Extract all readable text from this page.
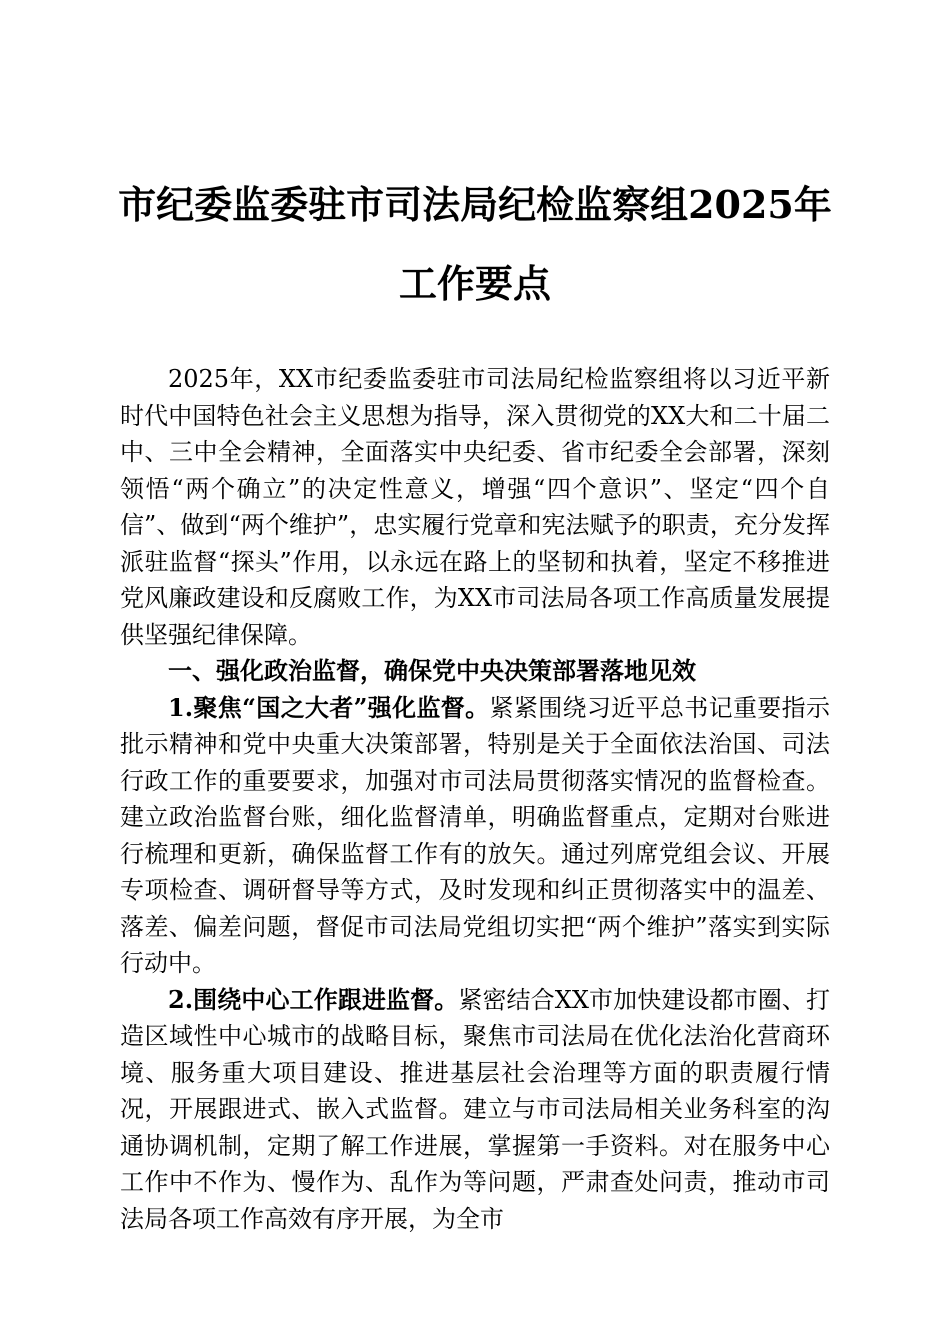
市纪委监委驻市司法局纪检监察组2025年工作要点

2025年，XX市纪委监委驻市司法局纪检监察组将以习近平新时代中国特色社会主义思想为指导，深入贯彻党的XX大和二十届二中、三中全会精神，全面落实中央纪委、省市纪委全会部署，深刻领悟“两个确立”的决定性意义，增强“四个意识”、坚定“四个自信”、做到“两个维护”，忠实履行党章和宪法赋予的职责，充分发挥派驻监督“探头”作用，以永远在路上的坚韧和执着，坚定不移推进党风廉政建设和反腐败工作，为XX市司法局各项工作高质量发展提供坚强纪律保障。

一、强化政治监督，确保党中央决策部署落地见效

1.聚焦“国之大者”强化监督。紧紧围绕习近平总书记重要指示批示精神和党中央重大决策部署，特别是关于全面依法治国、司法行政工作的重要要求，加强对市司法局贯彻落实情况的监督检查。建立政治监督台账，细化监督清单，明确监督重点，定期对台账进行梳理和更新，确保监督工作有的放矢。通过列席党组会议、开展专项检查、调研督导等方式，及时发现和纠正贯彻落实中的温差、落差、偏差问题，督促市司法局党组切实把“两个维护”落实到实际行动中。

2.围绕中心工作跟进监督。紧密结合XX市加快建设都市圈、打造区域性中心城市的战略目标，聚焦市司法局在优化法治化营商环境、服务重大项目建设、推进基层社会治理等方面的职责履行情况，开展跟进式、嵌入式监督。建立与市司法局相关业务科室的沟通协调机制，定期了解工作进展，掌握第一手资料。对在服务中心工作中不作为、慢作为、乱作为等问题，严肃查处问责，推动市司法局各项工作高效有序开展，为全市
